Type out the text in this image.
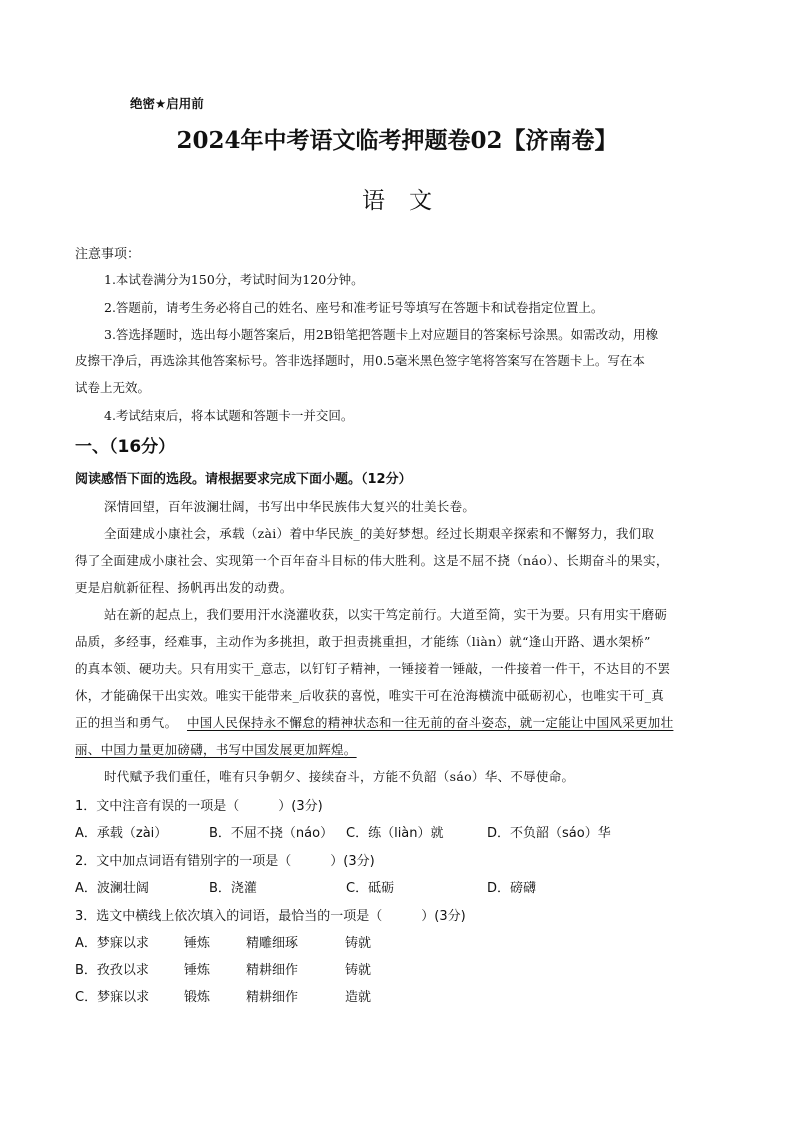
绝密★启用前
2024年中考语文临考押题卷02【济南卷】
语文
注意事项：
1.本试卷满分为150分，考试时间为120分钟。
2.答题前，请考生务必将自己的姓名、座号和准考证号等填写在答题卡和试卷指定位置上。
3.答选择题时，选出每小题答案后，用2B铅笔把答题卡上对应题目的答案标号涂黑。如需改动，用橡
皮擦干净后，再选涂其他答案标号。答非选择题时，用0.5毫米黑色签字笔将答案写在答题卡上。写在本
试卷上无效。
4.考试结束后，将本试题和答题卡一并交回。
一、（16分）
阅读感悟下面的选段。请根据要求完成下面小题。（12分）
深情回望，百年波澜壮阔，书写出中华民族伟大复兴的壮美长卷。
全面建成小康社会，承载（zài）着中华民族_的美好梦想。经过长期艰辛探索和不懈努力，我们取
得了全面建成小康社会、实现第一个百年奋斗目标的伟大胜利。这是不屈不挠（náo）、长期奋斗的果实，
更是启航新征程、扬帆再出发的动费。
站在新的起点上，我们要用汗水浇灌收获，以实干笃定前行。大道至简，实干为要。只有用实干磨砺
品质，多经事，经难事，主动作为多挑担，敢于担责挑重担，才能练（liàn）就“逢山开路、遇水架桥”
的真本领、硬功夫。只有用实干_意志，以钉钉子精神，一锤接着一锤敲，一件接着一件干，不达目的不罢
休，才能确保干出实效。唯实干能带来_后收获的喜悦，唯实干可在沧海横流中砥砺初心，也唯实干可_真
正的担当和勇气。 中国人民保持永不懈怠的精神状态和一往无前的奋斗姿态，就一定能让中国风采更加壮
丽、中国力量更加磅礴，书写中国发展更加辉煌。
时代赋予我们重任，唯有只争朝夕、接续奋斗，方能不负韶（sáo）华、不辱使命。
1．文中注音有误的一项是（　　　）(3分)
A．承载（zài）	B．不屈不挠（náo） C．练（liàn）就	D．不负韶（sáo）华
2．文中加点词语有错别字的一项是（　　　）(3分)
A．波澜壮阔	B．浇灌	C．砥砺	D．磅礴
3．选文中横线上依次填入的词语，最恰当的一项是（　　　）(3分)
A．梦寐以求	锤炼	精雕细琢	铸就
B．孜孜以求	锤炼	精耕细作	铸就
C．梦寐以求	锻炼	精耕细作	造就
